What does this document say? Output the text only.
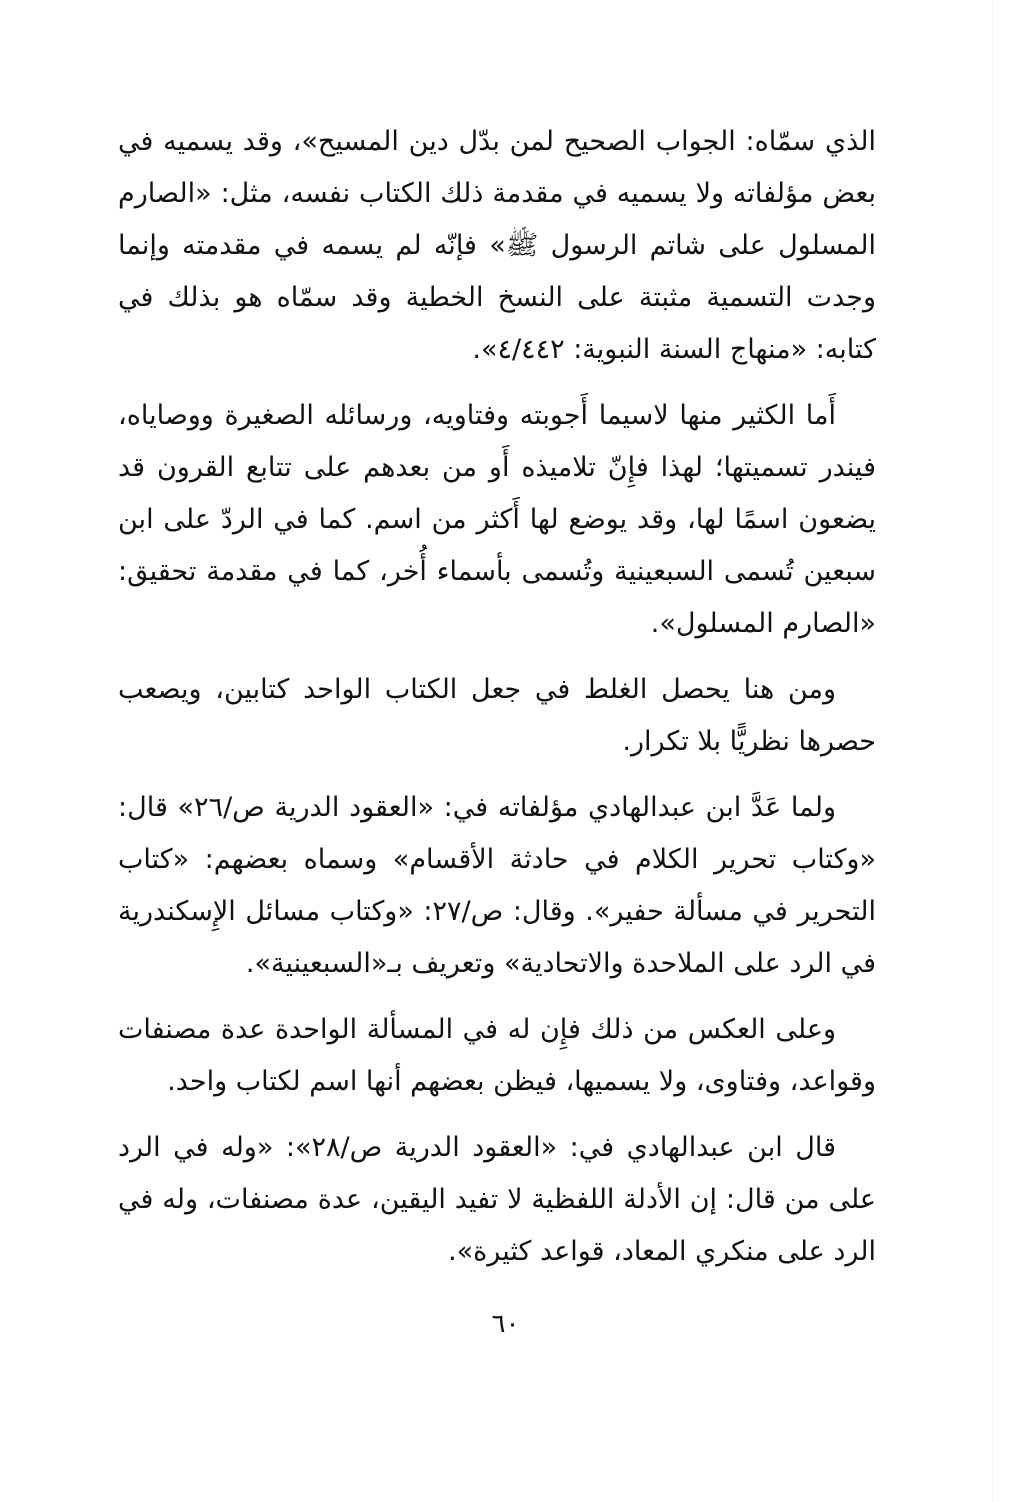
الذي سمّاه: الجواب الصحيح لمن بدّل دين المسيح»، وقد يسميه في بعض مؤلفاته ولا يسميه في مقدمة ذلك الكتاب نفسه، مثل: «الصارم المسلول على شاتم الرسول ﷺ» فإنّه لم يسمه في مقدمته وإنما وجدت التسمية مثبتة على النسخ الخطية وقد سمّاه هو بذلك في كتابه: «منهاج السنة النبوية: ٤/٤٤٢».

أَما الكثير منها لاسيما أَجوبته وفتاويه، ورسائله الصغيرة ووصاياه، فيندر تسميتها؛ لهذا فإِنّ تلاميذه أَو من بعدهم على تتابع القرون قد يضعون اسمًا لها، وقد يوضع لها أَكثر من اسم. كما في الردّ على ابن سبعين تُسمى السبعينية وتُسمى بأسماء أُخر، كما في مقدمة تحقيق: «الصارم المسلول».

ومن هنا يحصل الغلط في جعل الكتاب الواحد كتابين، ويصعب حصرها نظريًّا بلا تكرار.

ولما عَدَّ ابن عبدالهادي مؤلفاته في: «العقود الدرية ص/٢٦» قال: «وكتاب تحرير الكلام في حادثة الأقسام» وسماه بعضهم: «كتاب التحرير في مسألة حفير». وقال: ص/٢٧: «وكتاب مسائل الإِسكندرية في الرد على الملاحدة والاتحادية» وتعريف بـ«السبعينية».

وعلى العكس من ذلك فإِن له في المسألة الواحدة عدة مصنفات وقواعد، وفتاوى، ولا يسميها، فيظن بعضهم أنها اسم لكتاب واحد.

قال ابن عبدالهادي في: «العقود الدرية ص/٢٨»: «وله في الرد على من قال: إن الأدلة اللفظية لا تفيد اليقين، عدة مصنفات، وله في الرد على منكري المعاد، قواعد كثيرة».

٦٠
